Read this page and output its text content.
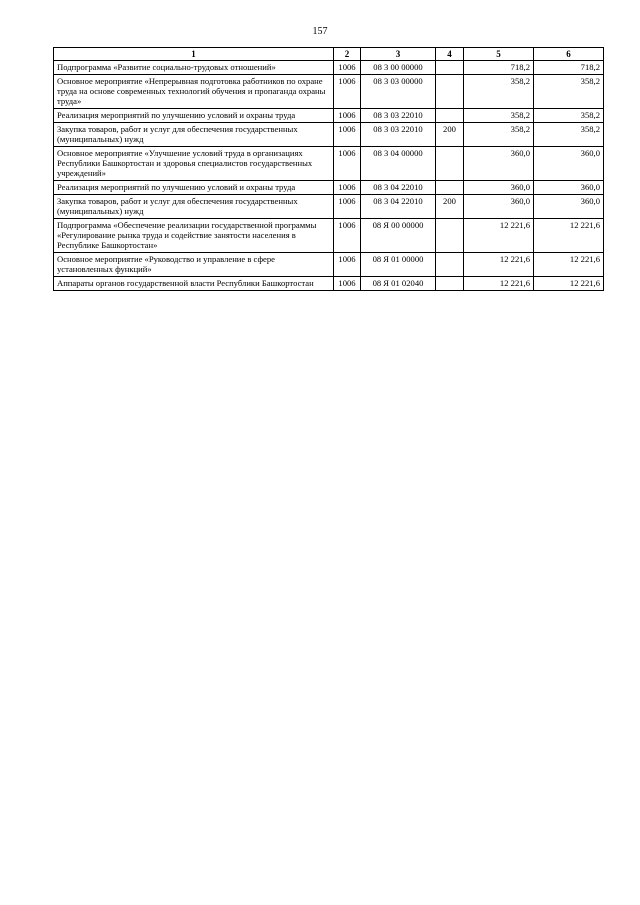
157
1	2	3	4	5	6
Подпрограмма «Развитие социально-трудовых отношений»	1006	08 3 00 00000		718,2	718,2
Основное мероприятие «Непрерывная подготовка работников по охране труда на основе современных технологий обучения и пропаганда охраны труда»	1006	08 3 03 00000		358,2	358,2
Реализация мероприятий по улучшению условий и охраны труда	1006	08 3 03 22010		358,2	358,2
Закупка товаров, работ и услуг для обеспечения государственных (муниципальных) нужд	1006	08 3 03 22010	200	358,2	358,2
Основное мероприятие «Улучшение условий труда в организациях Республики Башкортостан и здоровья специалистов государственных учреждений»	1006	08 3 04 00000		360,0	360,0
Реализация мероприятий по улучшению условий и охраны труда	1006	08 3 04 22010		360,0	360,0
Закупка товаров, работ и услуг для обеспечения государственных (муниципальных) нужд	1006	08 3 04 22010	200	360,0	360,0
Подпрограмма «Обеспечение реализации государственной программы «Регулирование рынка труда и содействие занятости населения в Республике Башкортостан»	1006	08 Я 00 00000		12 221,6	12 221,6
Основное мероприятие «Руководство и управление в сфере установленных функций»	1006	08 Я 01 00000		12 221,6	12 221,6
Аппараты органов государственной власти Республики Башкортостан	1006	08 Я 01 02040		12 221,6	12 221,6
